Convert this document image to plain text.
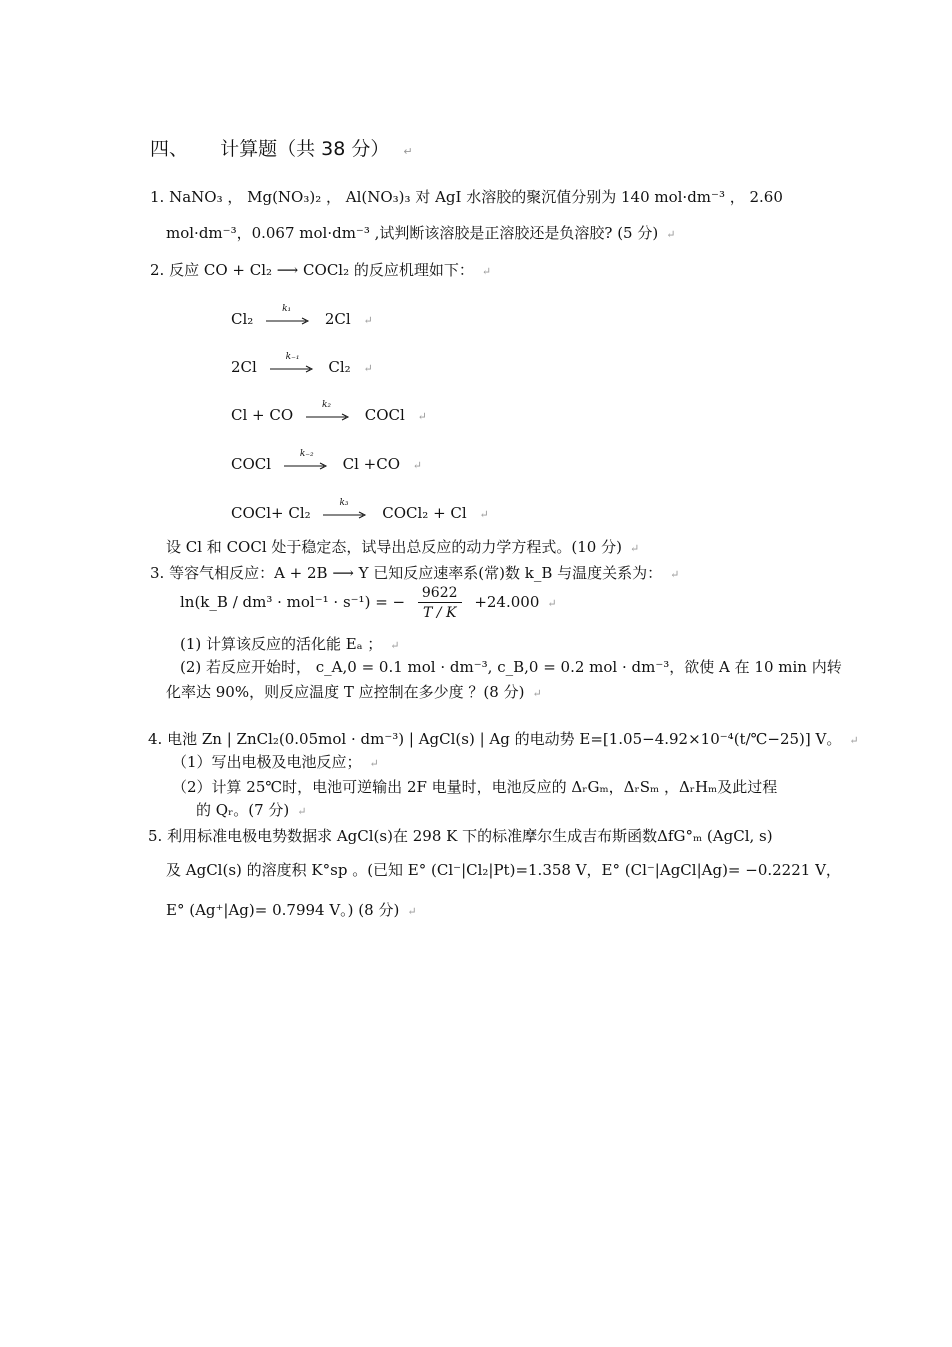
四、 计算题（共 38 分） ↵
1. NaNO₃ ， Mg(NO₃)₂ ， Al(NO₃)₃ 对 AgI 水溶胶的聚沉值分别为 140 mol·dm⁻³ ， 2.60
mol·dm⁻³，0.067 mol·dm⁻³ ,试判断该溶胶是正溶胶还是负溶胶? (5 分) ↵
2. 反应 CO + Cl₂ ⟶ COCl₂ 的反应机理如下： ↵
Cl₂
k₁
2Cl ↵
2Cl
k₋₁
Cl₂ ↵
Cl + CO
k₂
COCl ↵
COCl
k₋₂
Cl +CO ↵
COCl+ Cl₂
k₃
COCl₂ + Cl ↵
设 Cl 和 COCl 处于稳定态，试导出总反应的动力学方程式。(10 分) ↵
3. 等容气相反应：A + 2B ⟶ Y 已知反应速率系(常)数 k_B 与温度关系为： ↵
ln(k_B / dm³ · mol⁻¹ · s⁻¹) = − $\frac{9622}{T / K} +24.000$ ↵
(1) 计算该反应的活化能 Eₐ ； ↵
(2) 若反应开始时， c_A,0 = 0.1 mol · dm⁻³, c_B,0 = 0.2 mol · dm⁻³，欲使 A 在 10 min 内转
化率达 90%，则反应温度 T 应控制在多少度 ？(8 分) ↵
4. 电池 Zn | ZnCl₂(0.05mol · dm⁻³) | AgCl(s) | Ag 的电动势 E=[1.05−4.92×10⁻⁴(t/℃−25)] V。 ↵
（1）写出电极及电池反应； ↵
（2）计算 25℃时，电池可逆输出 2F 电量时，电池反应的 ΔᵣGₘ，ΔᵣSₘ ，ΔᵣHₘ及此过程
的 Qᵣ。(7 分) ↵
5. 利用标准电极电势数据求 AgCl(s)在 298 K 下的标准摩尔生成吉布斯函数ΔfG°ₘ (AgCl, s)
及 AgCl(s) 的溶度积 K°sp 。(已知 E° (Cl⁻|Cl₂|Pt)=1.358 V，E° (Cl⁻|AgCl|Ag)= −0.2221 V，
E° (Ag⁺|Ag)= 0.7994 V。) (8 分) ↵
